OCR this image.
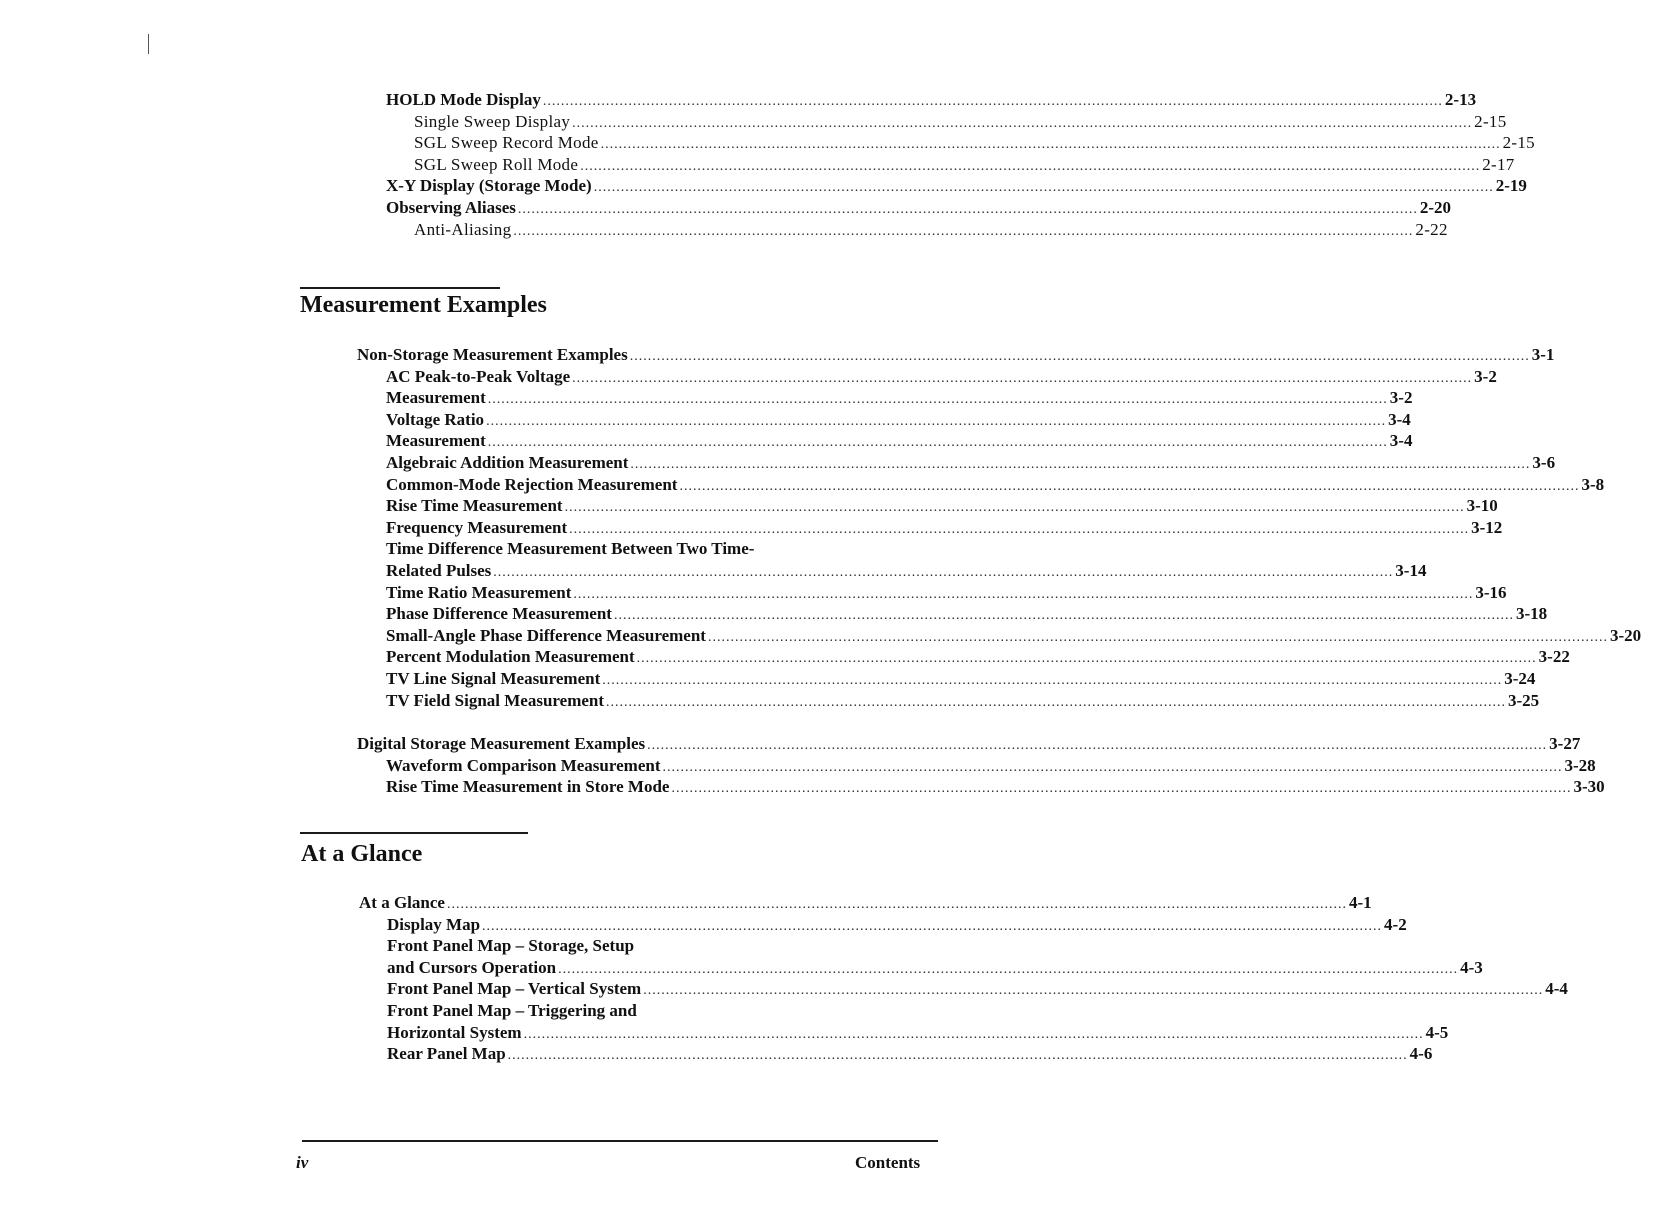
HOLD Mode Display ........................................................................................................................................................................................................ 2-13
Single Sweep Display ........................................................................................................................................................................................................ 2-15
SGL Sweep Record Mode ........................................................................................................................................................................................................ 2-15
SGL Sweep Roll Mode ........................................................................................................................................................................................................ 2-17
X-Y Display (Storage Mode) ........................................................................................................................................................................................................ 2-19
Observing Aliases ........................................................................................................................................................................................................ 2-20
Anti-Aliasing ........................................................................................................................................................................................................ 2-22
Measurement Examples
Non-Storage Measurement Examples ........................................................................................................................................................................................................ 3-1
AC Peak-to-Peak Voltage ........................................................................................................................................................................................................ 3-2
Measurement ........................................................................................................................................................................................................ 3-2
Voltage Ratio ........................................................................................................................................................................................................ 3-4
Measurement ........................................................................................................................................................................................................ 3-4
Algebraic Addition Measurement ........................................................................................................................................................................................................ 3-6
Common-Mode Rejection Measurement ........................................................................................................................................................................................................ 3-8
Rise Time Measurement ........................................................................................................................................................................................................ 3-10
Frequency Measurement ........................................................................................................................................................................................................ 3-12
Time Difference Measurement Between Two Time-
Related Pulses ........................................................................................................................................................................................................ 3-14
Time Ratio Measurement ........................................................................................................................................................................................................ 3-16
Phase Difference Measurement ........................................................................................................................................................................................................ 3-18
Small-Angle Phase Difference Measurement ........................................................................................................................................................................................................ 3-20
Percent Modulation Measurement ........................................................................................................................................................................................................ 3-22
TV Line Signal Measurement ........................................................................................................................................................................................................ 3-24
TV Field Signal Measurement ........................................................................................................................................................................................................ 3-25
Digital Storage Measurement Examples ........................................................................................................................................................................................................ 3-27
Waveform Comparison Measurement ........................................................................................................................................................................................................ 3-28
Rise Time Measurement in Store Mode ........................................................................................................................................................................................................ 3-30
At a Glance
At a Glance ........................................................................................................................................................................................................ 4-1
Display Map ........................................................................................................................................................................................................ 4-2
Front Panel Map – Storage, Setup
and Cursors Operation ........................................................................................................................................................................................................ 4-3
Front Panel Map – Vertical System ........................................................................................................................................................................................................ 4-4
Front Panel Map – Triggering and
Horizontal System ........................................................................................................................................................................................................ 4-5
Rear Panel Map ........................................................................................................................................................................................................ 4-6
iv	Contents
